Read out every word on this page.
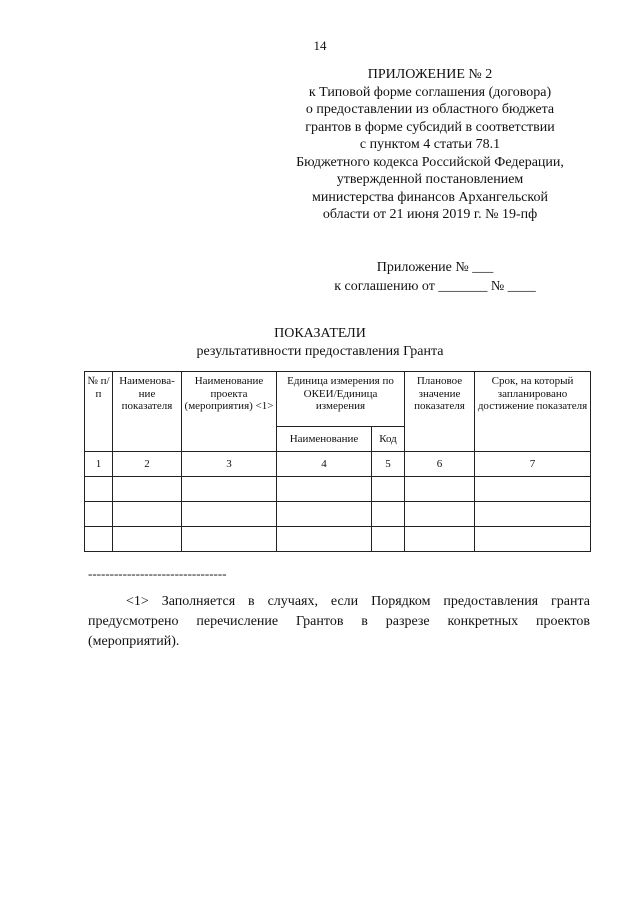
14
ПРИЛОЖЕНИЕ № 2
к Типовой форме соглашения (договора)
о предоставлении из областного бюджета
грантов в форме субсидий в соответствии
с пунктом 4 статьи 78.1
Бюджетного кодекса Российской Федерации,
утвержденной постановлением
министерства финансов Архангельской
области от 21 июня 2019 г. № 19-пф
Приложение № ___
к соглашению от _______ № ____
ПОКАЗАТЕЛИ
результативности предоставления Гранта
№ п/п	Наименова-ние показателя	Наименование проекта (мероприятия) <1>	Единица измерения по ОКЕИ/Единица измерения		Плановое значение показателя	Срок, на который запланировано достижение показателя
			Наименование	Код		
1	2	3	4	5	6	7

--------------------------------
<1> Заполняется в случаях, если Порядком предоставления гранта предусмотрено перечисление Грантов в разрезе конкретных проектов (мероприятий).
